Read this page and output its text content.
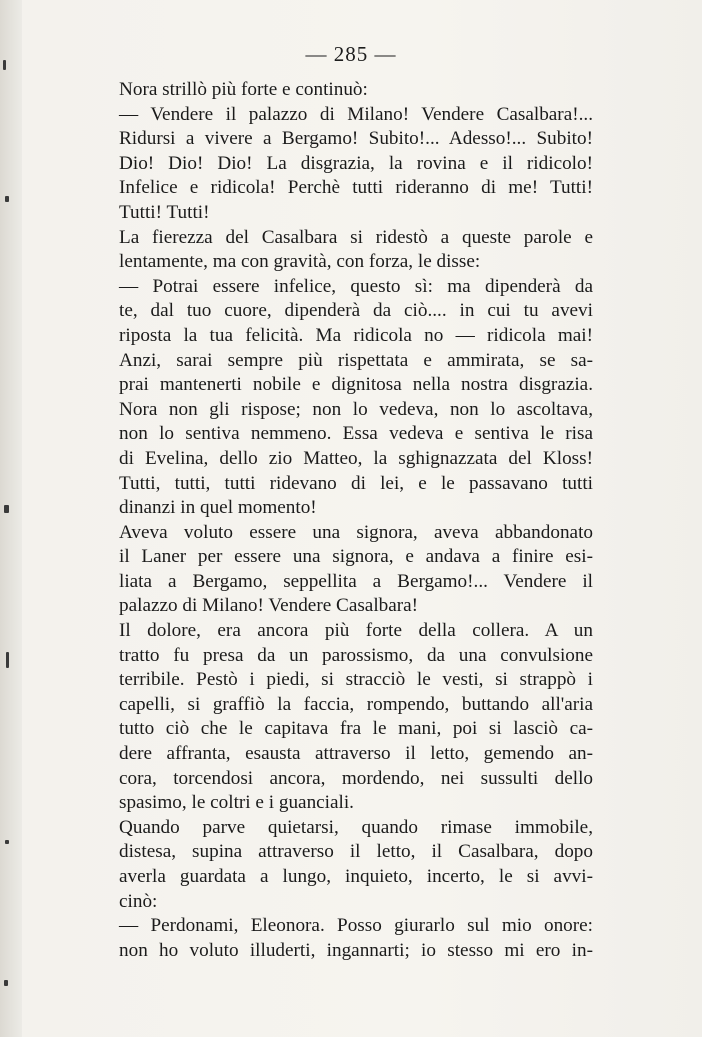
— 285 —
Nora strillò più forte e continuò:
— Vendere il palazzo di Milano! Vendere Casalbara!...
Ridursi a vivere a Bergamo! Subito!... Adesso!... Subito!
Dio! Dio! Dio! La disgrazia, la rovina e il ridicolo!
Infelice e ridicola! Perchè tutti rideranno di me! Tutti!
Tutti! Tutti!
La fierezza del Casalbara si ridestò a queste parole e
lentamente, ma con gravità, con forza, le disse:
— Potrai essere infelice, questo sì: ma dipenderà da
te, dal tuo cuore, dipenderà da ciò.... in cui tu avevi
riposta la tua felicità. Ma ridicola no — ridicola mai!
Anzi, sarai sempre più rispettata e ammirata, se sa-
prai mantenerti nobile e dignitosa nella nostra disgrazia.
Nora non gli rispose; non lo vedeva, non lo ascoltava,
non lo sentiva nemmeno. Essa vedeva e sentiva le risa
di Evelina, dello zio Matteo, la sghignazzata del Kloss!
Tutti, tutti, tutti ridevano di lei, e le passavano tutti
dinanzi in quel momento!
Aveva voluto essere una signora, aveva abbandonato
il Laner per essere una signora, e andava a finire esi-
liata a Bergamo, seppellita a Bergamo!... Vendere il
palazzo di Milano! Vendere Casalbara!
Il dolore, era ancora più forte della collera. A un
tratto fu presa da un parossismo, da una convulsione
terribile. Pestò i piedi, si stracciò le vesti, si strappò i
capelli, si graffiò la faccia, rompendo, buttando all'aria
tutto ciò che le capitava fra le mani, poi si lasciò ca-
dere affranta, esausta attraverso il letto, gemendo an-
cora, torcendosi ancora, mordendo, nei sussulti dello
spasimo, le coltri e i guanciali.
Quando parve quietarsi, quando rimase immobile,
distesa, supina attraverso il letto, il Casalbara, dopo
averla guardata a lungo, inquieto, incerto, le si avvi-
cinò:
— Perdonami, Eleonora. Posso giurarlo sul mio onore:
non ho voluto illuderti, ingannarti; io stesso mi ero in-
